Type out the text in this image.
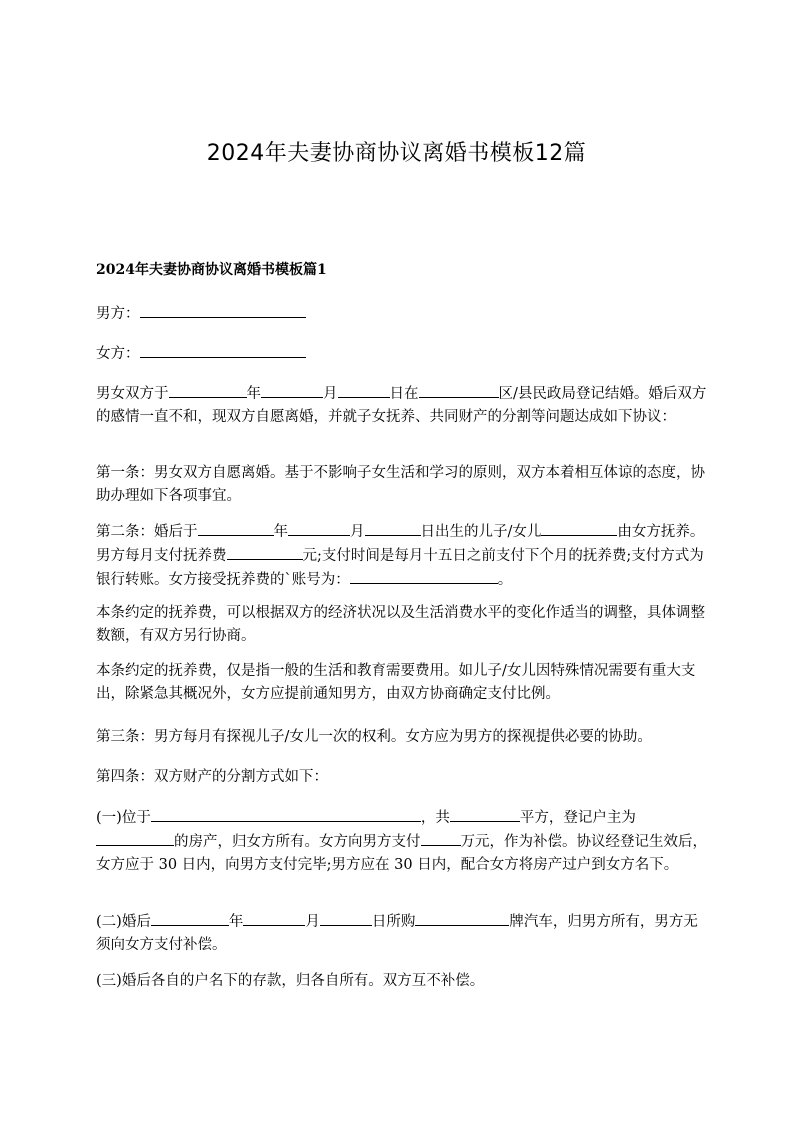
2024年夫妻协商协议离婚书模板12篇
2024年夫妻协商协议离婚书模板篇1
男方：
女方：
男女双方于	年	月	日在	区/县民政局登记结婚。婚后双方的感情一直不和，现双方自愿离婚，并就子女抚养、共同财产的分割等问题达成如下协议：
第一条：男女双方自愿离婚。基于不影响子女生活和学习的原则，双方本着相互体谅的态度，协助办理如下各项事宜。
第二条：婚后于	年	月	日出生的儿子/女儿	由女方抚养。男方每月支付抚养费	元;支付时间是每月十五日之前支付下个月的抚养费;支付方式为银行转账。女方接受抚养费的`账号为：	。
本条约定的抚养费，可以根据双方的经济状况以及生活消费水平的变化作适当的调整，具体调整数额，有双方另行协商。
本条约定的抚养费，仅是指一般的生活和教育需要费用。如儿子/女儿因特殊情况需要有重大支出，除紧急其概况外，女方应提前通知男方，由双方协商确定支付比例。
第三条：男方每月有探视儿子/女儿一次的权利。女方应为男方的探视提供必要的协助。
第四条：双方财产的分割方式如下：
(一)位于	，共	平方，登记户主为的房产，归女方所有。女方向男方支付	万元，作为补偿。协议经登记生效后，女方应于 30 日内，向男方支付完毕;男方应在 30 日内，配合女方将房产过户到女方名下。
(二)婚后	年	月	日所购	牌汽车，归男方所有，男方无须向女方支付补偿。
(三)婚后各自的户名下的存款，归各自所有。双方互不补偿。
